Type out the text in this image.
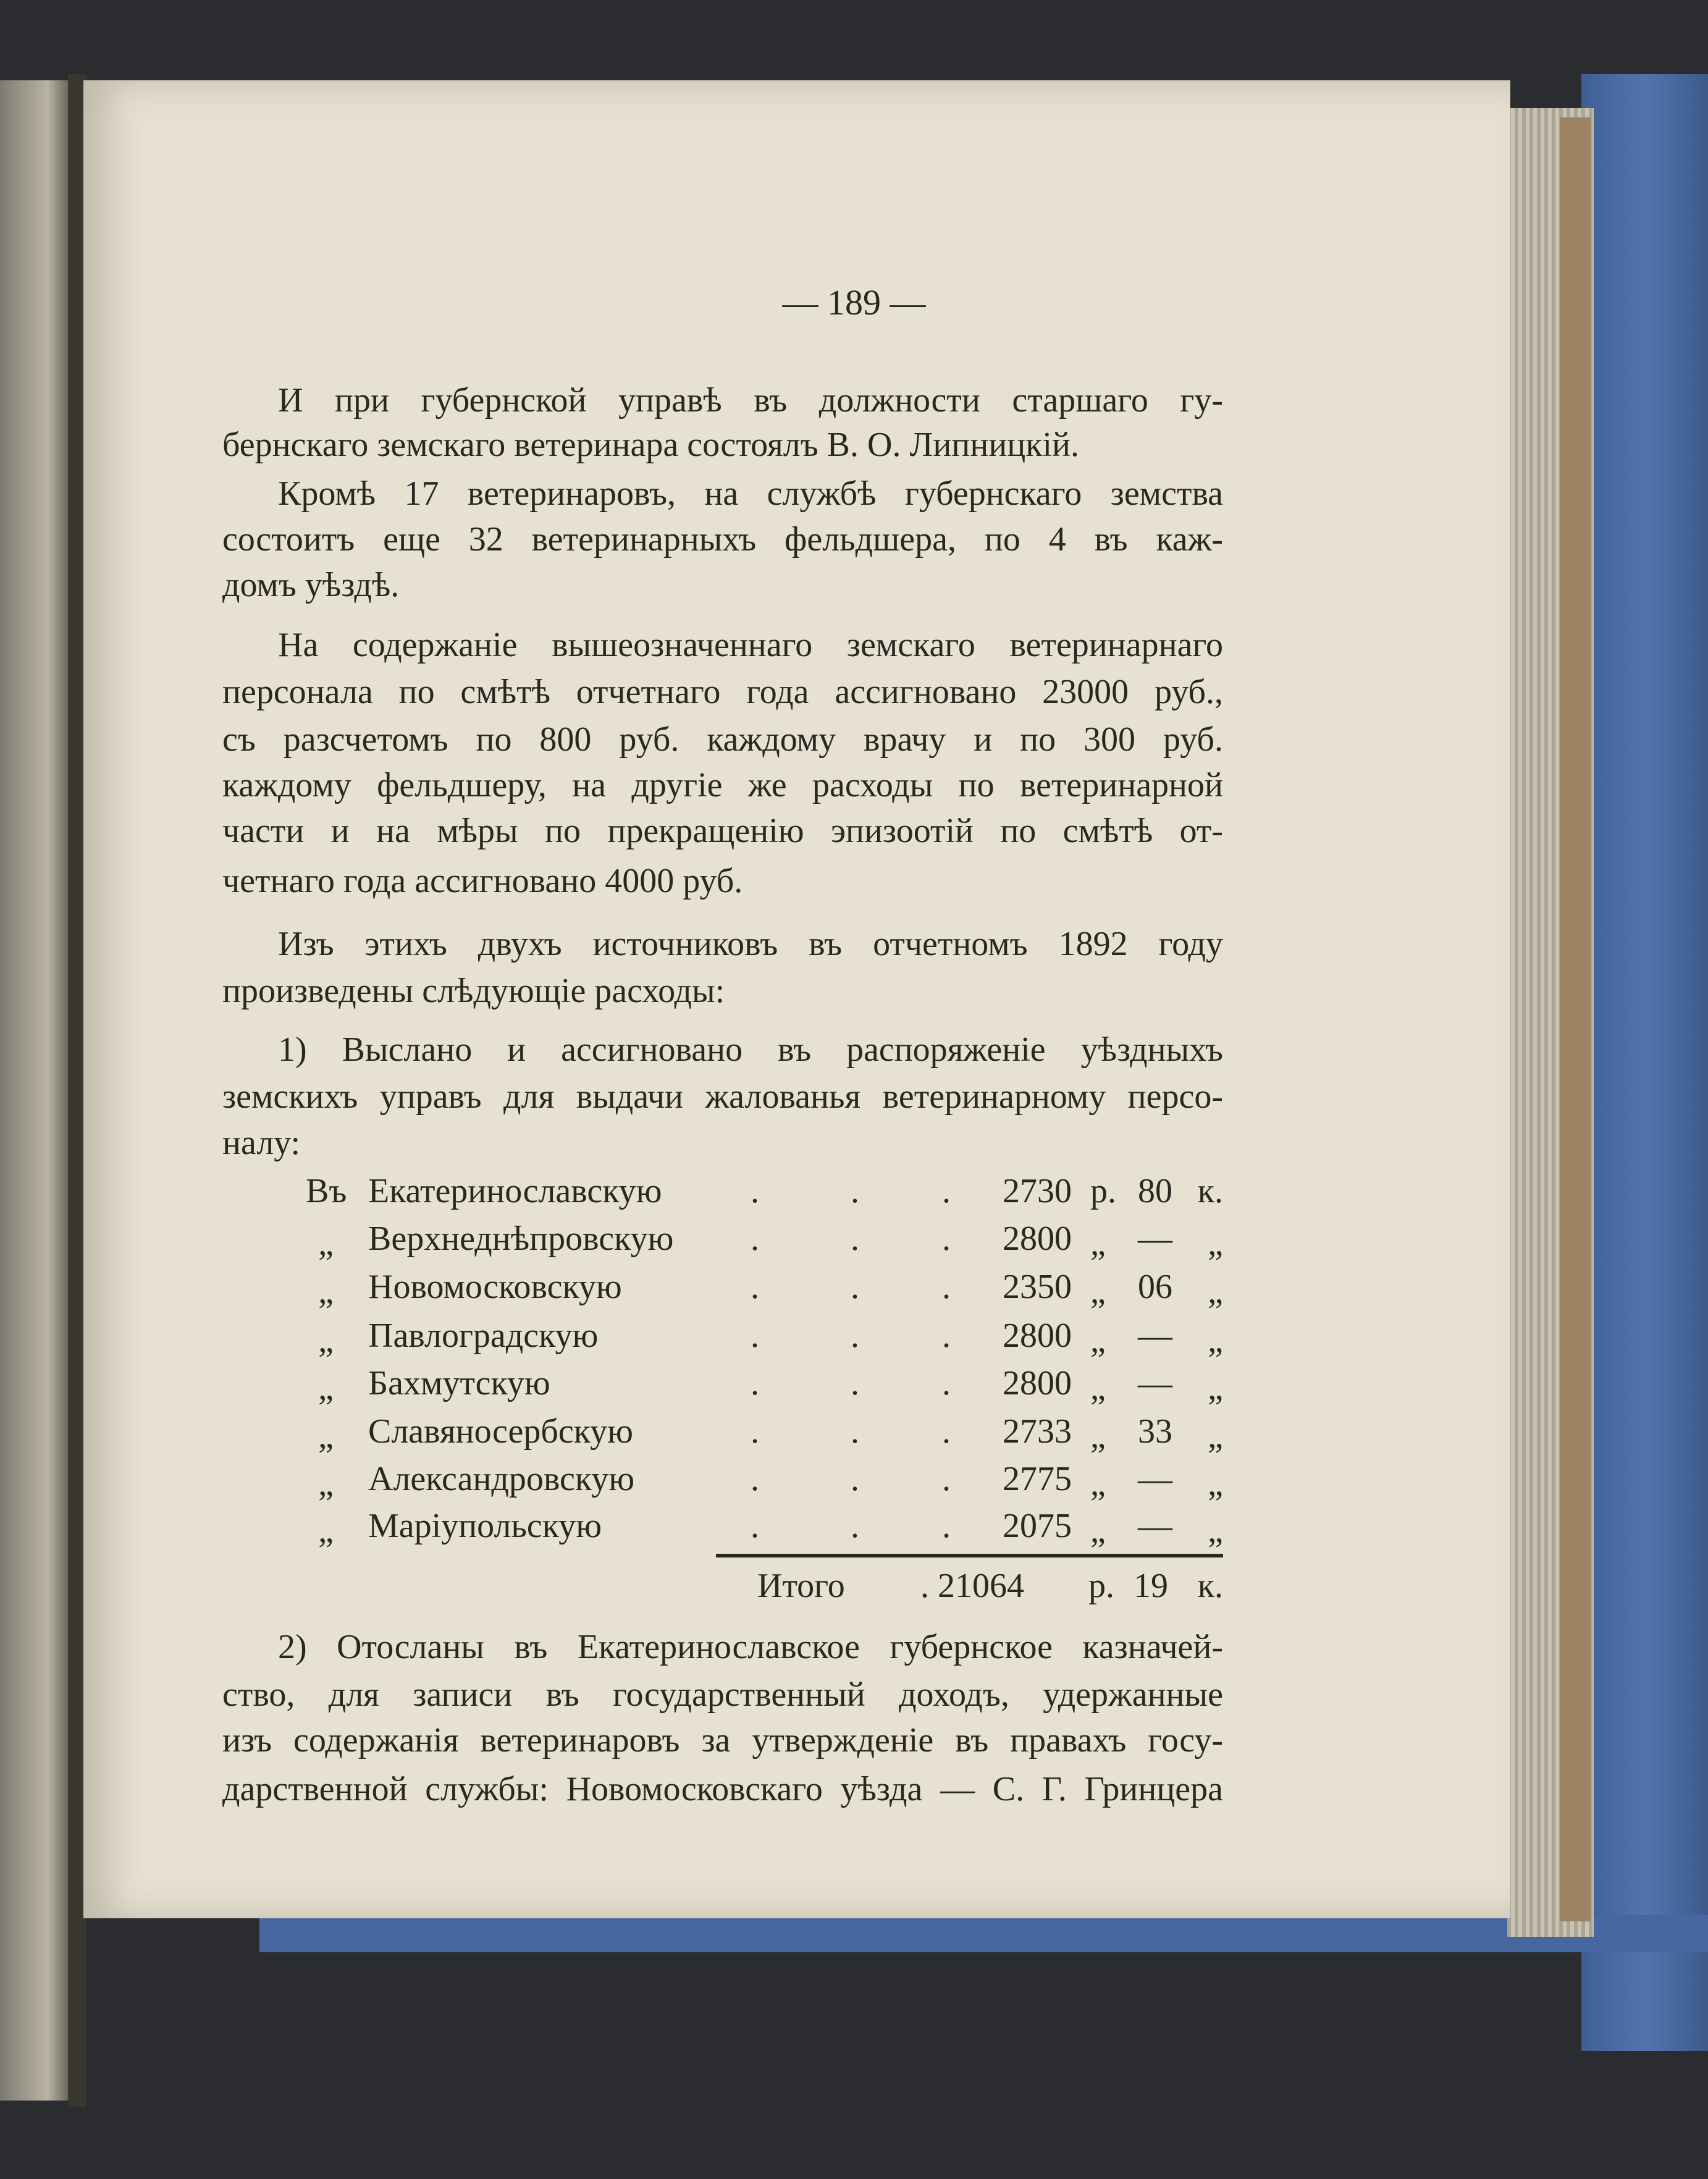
— 189 —
И при губернской управѣ въ должности старшаго гу-
бернскаго земскаго ветеринара состоялъ В. О. Липницкій.
Кромѣ 17 ветеринаровъ, на службѣ губернскаго земства
состоитъ еще 32 ветеринарныхъ фельдшера, по 4 въ каж-
домъ уѣздѣ.
На содержаніе вышеозначеннаго земскаго ветеринарнаго
персонала по смѣтѣ отчетнаго года ассигновано 23000 руб.,
съ разсчетомъ по 800 руб. каждому врачу и по 300 руб.
каждому фельдшеру, на другіе же расходы по ветеринарной
части и на мѣры по прекращенію эпизоотій по смѣтѣ от-
четнаго года ассигновано 4000 руб.
Изъ этихъ двухъ источниковъ въ отчетномъ 1892 году
произведены слѣдующіе расходы:
1) Выслано и ассигновано въ распоряженіе уѣздныхъ
земскихъ управъ для выдачи жалованья ветеринарному персо-
налу:
2) Отосланы въ Екатеринославское губернское казначей-
ство, для записи въ государственный доходъ, удержанные
изъ содержанія ветеринаровъ за утвержденіе въ правахъ госу-
дарственной службы: Новомосковскаго уѣзда — С. Г. Гринцера
Въ Екатеринославскую	.	. .	2730 р. 80 к.
„ Верхнеднѣпровскую .	. .	2800 „ —	„
„ Новомосковскую	.	. .	2350 „ 06	„
„ Павлоградскую	.	. .	2800 „ —	„
„ Бахмутскую	.	. .	2800 „ —	„
„ Славяносербскую	.	. .	2733 „ 33	„
„ Александровскую	.	. .	2775 „ —	„
„ Маріупольскую	.	. .	2075 „ —	„
Итого . 21064 р. 19 к.
